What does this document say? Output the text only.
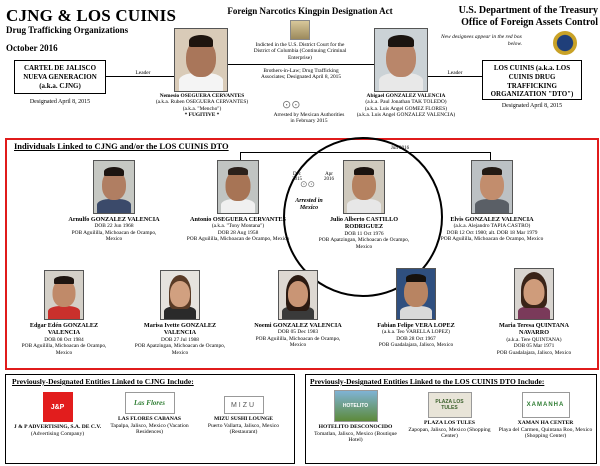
CJNG & LOS CUINIS
Drug Trafficking Organizations
October 2016
Foreign Narcotics Kingpin Designation Act	U.S. Department of the Treasury
Office of Foreign Assets Control
New designees appear in the red box below.
CARTEL DE JALISCO NUEVA GENERACION (a.k.a. CJNG)
Designated April 8, 2015
LOS CUINIS (a.k.a. LOS CUINIS DRUG TRAFFICKING ORGANIZATION "DTO")
Designated April 8, 2015
Leader	Leader
Nemesio OSEGUERA CERVANTES
(a.k.a. Ruben OSEGUERA CERVANTES)
(a.k.a. "Mencho")
* FUGITIVE *
Abigael GONZALEZ VALENCIA
(a.k.a. Paul Jonathan TAK TOLEDO)
(a.k.a. Luis Angel GOMEZ FLORES)
(a.k.a. Luis Angel GONZALEZ VALENCIA)
Indicted in the U.S. District Court for the District of Columbia (Continuing Criminal Enterprise)
Brothers-in-Law; Drug Trafficking Associates; Designated April 8, 2015
⊙⊙
Arrested by Mexican Authorities in February 2015
Individuals Linked to CJNG and/or the LOS CUINIS DTO
Dec 2015
Apr 2016
Jun 2016
⊙⊙
Arrested in Mexico
Arnulfo GONZALEZ VALENCIA
DOB 22 Jun 1968
POB Aguililla, Michoacan de Ocampo, Mexico
Antonio OSEGUERA CERVANTES
(a.k.a. "Tony Montana")
DOB 28 Aug 1958
POB Aguililla, Michoacan de Ocampo, Mexico
Julio Alberto CASTILLO RODRIGUEZ
DOB 11 Oct 1976
POB Apatzingan, Michoacan de Ocampo, Mexico
Elvis GONZALEZ VALENCIA
(a.k.a. Alejandro TAPIA CASTRO)
DOB 12 Oct 1980; alt. DOB 18 Mar 1979
POB Aguililla, Michoacan de Ocampo, Mexico
Edgar Edén GONZALEZ VALENCIA
DOB 08 Oct 1984
POB Aguililla, Michoacan de Ocampo, Mexico
Marisa Ivette GONZALEZ VALENCIA
DOB 27 Jul 1988
POB Apatzingan, Michoacan de Ocampo, Mexico
Noemi GONZALEZ VALENCIA
DOB 05 Dec 1983
POB Aguililla, Michoacan de Ocampo, Mexico
Fabian Felipe VERA LOPEZ
(a.k.a. Teo VARELLA LOPEZ)
DOB 28 Oct 1967
POB Guadalajara, Jalisco, Mexico
Maria Teresa QUINTANA NAVARRO
(a.k.a. Tere QUINTANA)
DOB 05 Mar 1971
POB Guadalajara, Jalisco, Mexico
Previously-Designated Entities Linked to CJNG Include:
J&P
J & P ADVERTISING, S.A. DE C.V.
(Advertising Company)
Las Flores
LAS FLORES CABANAS
Tapalpa, Jalisco, Mexico (Vacation Residences)
MIZU
MIZU SUSHI LOUNGE
Puerto Vallarta, Jalisco, Mexico (Restaurant)
Previously-Designated Entities Linked to the LOS CUINIS DTO Include:
HOTELITO
HOTELITO DESCONOCIDO
Tomatlan, Jalisco, Mexico (Boutique Hotel)
PLAZA LOS TULES
PLAZA LOS TULES
Zapopan, Jalisco, Mexico (Shopping Center)
XAMANHA
XAMAN HA CENTER
Playa del Carmen, Quintana Roo, Mexico (Shopping Center)
